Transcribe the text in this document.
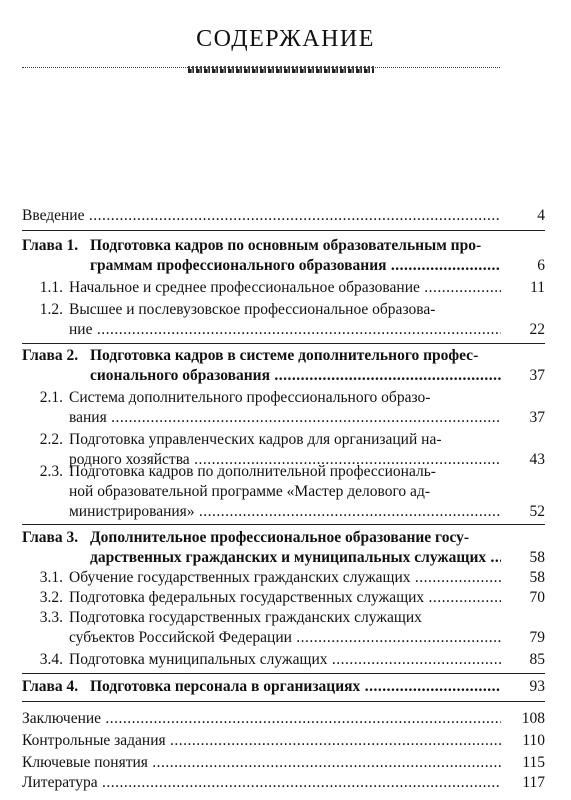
СОДЕРЖАНИЕ
Введение .....	4
Глава 1. Подготовка кадров по основным образовательным про-
граммам профессионального образования .....	6
1.1. Начальное и среднее профессиональное образование .....	11
1.2. Высшее и послевузовское профессиональное образова-
ние .....	22
Глава 2. Подготовка кадров в системе дополнительного профес-
сионального образования .....	37
2.1. Система дополнительного профессионального образо-
вания .....	37
2.2. Подготовка управленческих кадров для организаций на-
родного хозяйства .....	43
2.3. Подготовка кадров по дополнительной профессиональ-
ной образовательной программе «Мастер делового ад-
министрирования» .....	52
Глава 3. Дополнительное профессиональное образование госу-
дарственных гражданских и муниципальных служащих .....	58
3.1. Обучение государственных гражданских служащих .....	58
3.2. Подготовка федеральных государственных служащих .....	70
3.3. Подготовка государственных гражданских служащих
субъектов Российской Федерации .....	79
3.4. Подготовка муниципальных служащих .....	85
Глава 4. Подготовка персонала в организациях .....	93
Заключение .....	108
Контрольные задания .....	110
Ключевые понятия .....	115
Литература .....	117
